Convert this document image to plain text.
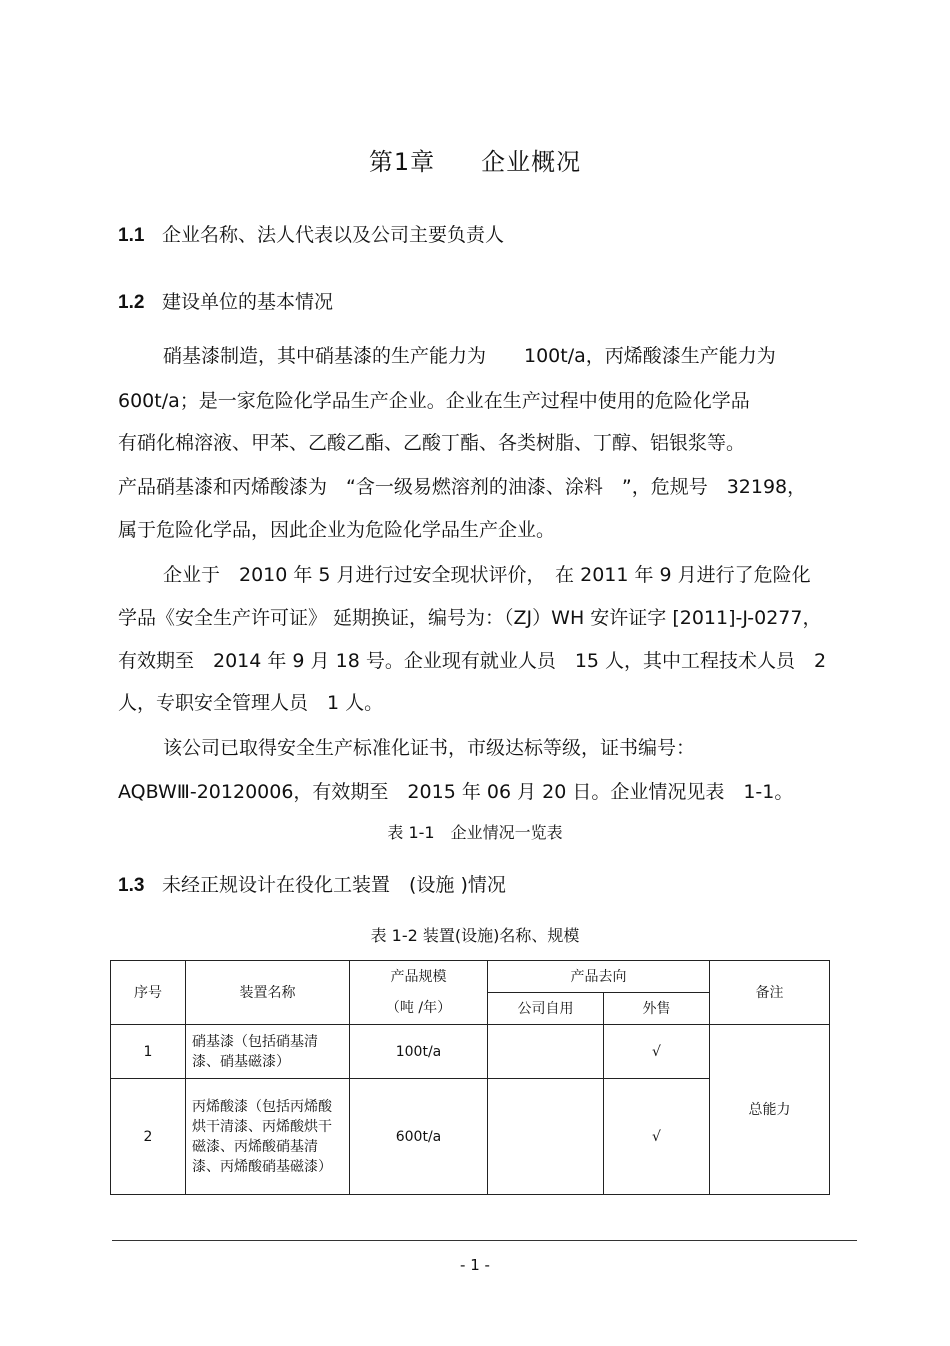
第1章 企业概况
1.1 企业名称、法人代表以及公司主要负责人
1.2 建设单位的基本情况
硝基漆制造，其中硝基漆的生产能力为　　100t/a，丙烯酸漆生产能力为
600t/a；是一家危险化学品生产企业。企业在生产过程中使用的危险化学品
有硝化棉溶液、甲苯、乙酸乙酯、乙酸丁酯、各类树脂、丁醇、铝银浆等。
产品硝基漆和丙烯酸漆为　“含一级易燃溶剂的油漆、涂料　”，危规号　32198，
属于危险化学品，因此企业为危险化学品生产企业。
企业于　2010 年 5 月进行过安全现状评价，　在 2011 年 9 月进行了危险化
学品《安全生产许可证》 延期换证，编号为：（ZJ）WH 安许证字 [2011]-J-0277，
有效期至　2014 年 9 月 18 号。企业现有就业人员　15 人，其中工程技术人员　2
人，专职安全管理人员　1 人。
该公司已取得安全生产标准化证书，市级达标等级，证书编号：
AQBWⅢ-20120006，有效期至　2015 年 06 月 20 日。企业情况见表　1-1。
表 1-1　企业情况一览表
1.3 未经正规设计在役化工装置　(设施 )情况
表 1-2 装置(设施)名称、规模
序号	装置名称	产品规模	产品去向		备注
		（吨 /年）	公司自用	外售	
1	硝基漆（包括硝基清漆、硝基磁漆）	100t/a		√	总能力
2	丙烯酸漆（包括丙烯酸烘干清漆、丙烯酸烘干磁漆、丙烯酸硝基清漆、丙烯酸硝基磁漆）	600t/a		√	
- 1 -
